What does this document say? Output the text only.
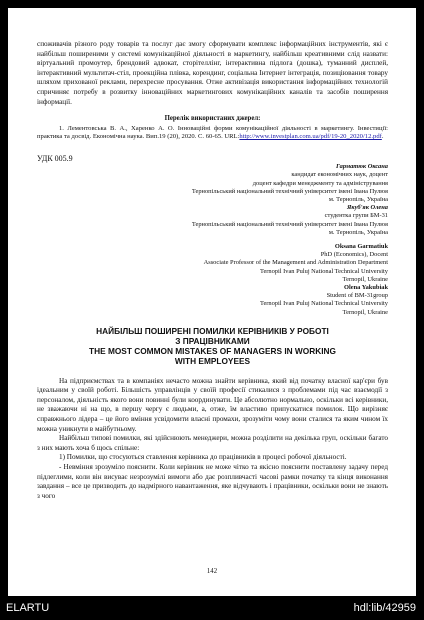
споживачів різного роду товарів та послуг дає змогу сформувати комплекс інформаційних інструментів, які є найбільш поширеними у системі комунікаційної діяльності в маркетингу, найбільш креативними слід назвати: віртуальний промоутер, брендовий адвокат, сторітеллінг, інтерактивна підлога (дошка), туманний дисплей, інтерактивний мультитач-стіл, проекційна плівка, корендинг, соціальна Інтернет інтеграція, позиціювання товару шляхом прихованої реклами, перехресне просування. Отже активізація використання інформаційних технологій спричиняє потребу в розвитку інноваційних маркетингових комунікаційних каналів та засобів поширення інформації.

Перелік використаних джерел:

1. Лементовська В. А., Харенко А. О. Інноваційні форми комунікаційної діяльності в маркетингу. Інвестиції: практика та досвід. Економічна наука. Вип.19 (20), 2020. С. 60-65. URL:http://www.investplan.com.ua/pdf/19-20_2020/12.pdf.

УДК 005.9

Гарматюк Оксана

кандидат економічних наук, доцент

доцент кафедри менеджменту та адміністрування

Тернопільський національний технічний університет імені Івана Пулюя

м. Тернопіль, Україна

Якуб'як Олена

студентка групи БМ-31

Тернопільський національний технічний університет імені Івана Пулюя

м. Тернопіль, Україна

Oksana Garmatiuk

PhD (Economics), Docent

Associate Professor of the Management and Administration Department

Ternopil Ivan Puluj National Technical University

Ternopil, Ukraine

Olena Yakubiak

Student of BM-31group

Ternopil Ivan Puluj National Technical University

Ternopil, Ukraine

НАЙБІЛЬШ ПОШИРЕНІ ПОМИЛКИ КЕРІВНИКІВ У РОБОТІ

З ПРАЦІВНИКАМИ

THE MOST COMMON MISTAKES OF MANAGERS IN WORKING

WITH EMPLOYEES

На підприємствах та в компаніях нечасто можна знайти керівника, який від початку власної кар'єри був ідеальним у своїй роботі. Більшість управлінців у своїй професії стикалися з проблемами під час взаємодії з персоналом, діяльність якого вони повинні були координувати. Це абсолютно нормально, оскільки всі керівники, не зважаючи ні на що, в першу чергу є людьми, а, отже, їм властиво припускатися помилок. Що вирізняє справжнього лідера – це його вміння усвідомити власні промахи, зрозуміти чому вони сталися та яким чином їх можна уникнути в майбутньому.

Найбільш типові помилки, які здійснюють менеджери, можна розділити на декілька груп, оскільки багато з них мають хоча б щось спільне:

1) Помилки, що стосуються ставлення керівника до працівників в процесі робочої діяльності.

- Невміння зрозуміло пояснити. Коли керівник не може чітко та якісно пояснити поставлену задачу перед підлеглими, коли він висуває незрозумілі вимоги або дає розпливчасті часові рамки початку та кінця виконання завдання – все це призводить до надмірного навантаження, яке відчувають і працівники, оскільки вони не знають з чого

142
ELARTU	hdl:lib/42959
